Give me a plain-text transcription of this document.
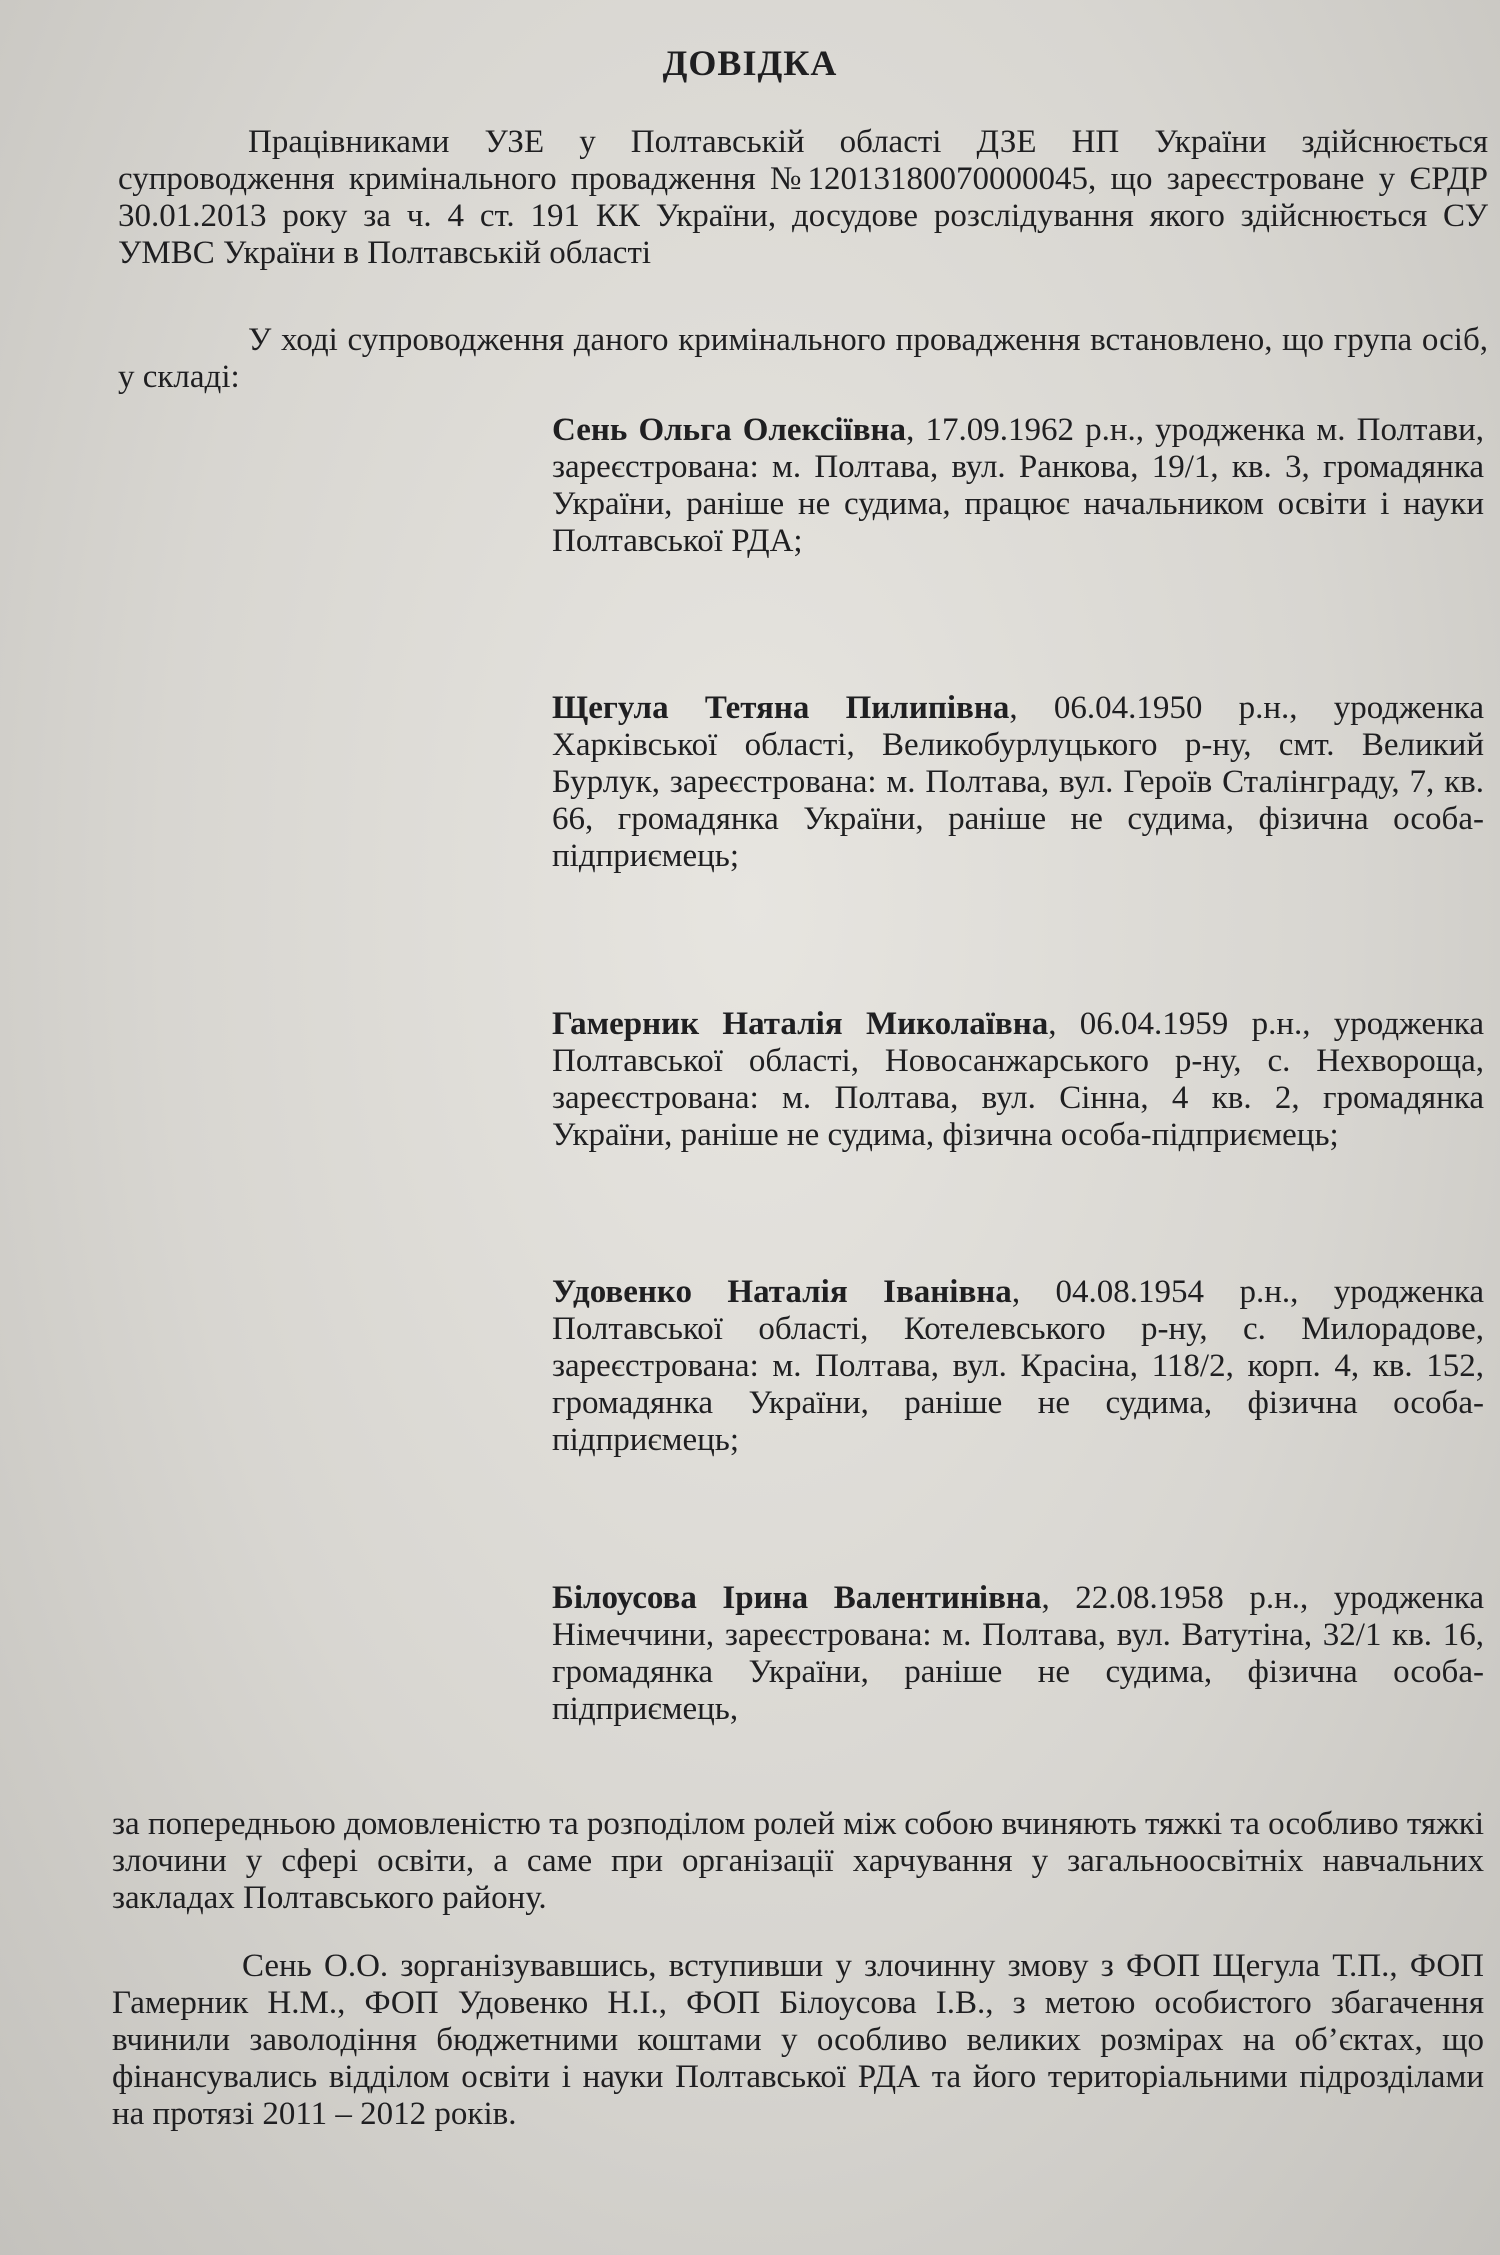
ДОВІДКА

Працівниками УЗЕ у Полтавській області ДЗЕ НП України здійснюється супроводження кримінального провадження №12013180070000045, що зареєстроване у ЄРДР 30.01.2013 року за ч. 4 ст. 191 КК України, досудове розслідування якого здійснюється СУ УМВС України в Полтавській області

У ході супроводження даного кримінального провадження встановлено, що група осіб, у складі:

Сень Ольга Олексіївна, 17.09.1962 р.н., уродженка м. Полтави, зареєстрована: м. Полтава, вул. Ранкова, 19/1, кв. 3, громадянка України, раніше не судима, працює начальником освіти і науки Полтавської РДА;

Щегула Тетяна Пилипівна, 06.04.1950 р.н., уродженка Харківської області, Великобурлуцького р-ну, смт. Великий Бурлук, зареєстрована: м. Полтава, вул. Героїв Сталінграду, 7, кв. 66, громадянка України, раніше не судима, фізична особа-підприємець;

Гамерник Наталія Миколаївна, 06.04.1959 р.н., уродженка Полтавської області, Новосанжарського р-ну, с. Нехвороща, зареєстрована: м. Полтава, вул. Сінна, 4 кв. 2, громадянка України, раніше не судима, фізична особа-підприємець;

Удовенко Наталія Іванівна, 04.08.1954 р.н., уродженка Полтавської області, Котелевського р-ну, с. Милорадове, зареєстрована: м. Полтава, вул. Красіна, 118/2, корп. 4, кв. 152, громадянка України, раніше не судима, фізична особа-підприємець;

Білоусова Ірина Валентинівна, 22.08.1958 р.н., уродженка Німеччини, зареєстрована: м. Полтава, вул. Ватутіна, 32/1 кв. 16, громадянка України, раніше не судима, фізична особа-підприємець,

за попередньою домовленістю та розподілом ролей між собою вчиняють тяжкі та особливо тяжкі злочини у сфері освіти, а саме при організації харчування у загальноосвітніх навчальних закладах Полтавського району.

Сень О.О. зорганізувавшись, вступивши у злочинну змову з ФОП Щегула Т.П., ФОП Гамерник Н.М., ФОП Удовенко Н.І., ФОП Білоусова І.В., з метою особистого збагачення вчинили заволодіння бюджетними коштами у особливо великих розмірах на об’єктах, що фінансувались відділом освіти і науки Полтавської РДА та його територіальними підрозділами на протязі 2011 – 2012 років.
